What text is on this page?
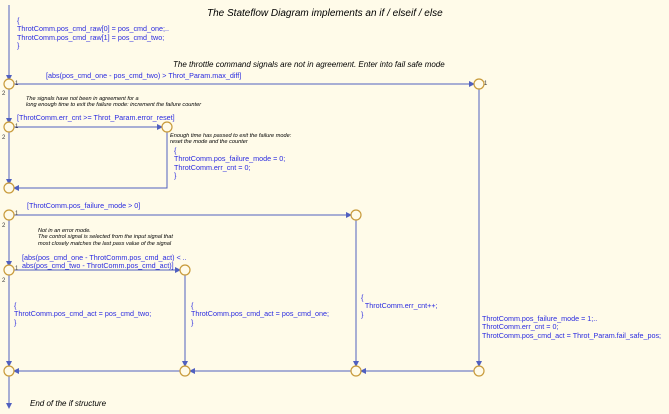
The Stateflow Diagram implements an if / elseif / else
{
ThrotComm.pos_cmd_raw[0] = pos_cmd_one;..
ThrotComm.pos_cmd_raw[1] = pos_cmd_two;
}
The throttle command signals are not in agreement. Enter into fail safe mode
[abs(pos_cmd_one - pos_cmd_two) > Throt_Param.max_diff]
1
2
1
The signals have not been in agreement for a
long enough time to exit the failure mode: increment the failure counter
[ThrotComm.err_cnt >= Throt_Param.error_reset]
1
2	Enough time has passed to exit the failure mode:
reset the mode and the counter
{
ThrotComm.pos_failure_mode = 0;
ThrotComm.err_cnt = 0;
}
[ThrotComm.pos_failure_mode > 0]
1
2
Not in an error mode.
The control signal is selected from the input signal that
most closely matches the last pass value of the signal
[abs(pos_cmd_one - ThrotComm.pos_cmd_act) < ..
abs(pos_cmd_two - ThrotComm.pos_cmd_act)]
1
2
{
ThrotComm.pos_cmd_act = pos_cmd_two;
}
{
ThrotComm.pos_cmd_act = pos_cmd_one;
}
{
ThrotComm.err_cnt++;
}	ThrotComm.pos_failure_mode = 1;..
ThrotComm.err_cnt = 0;
ThrotComm.pos_cmd_act = Throt_Param.fail_safe_pos;
End of the if structure
